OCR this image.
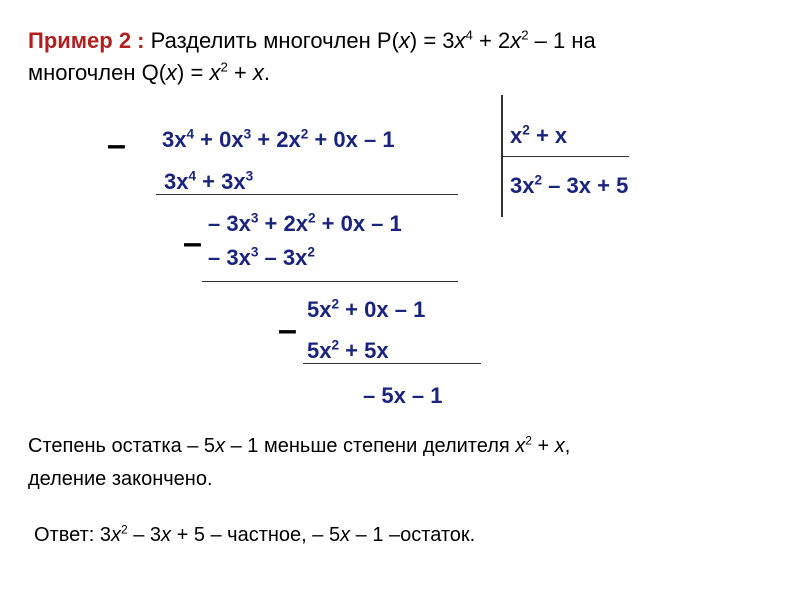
Пример 2 : Разделить многочлен $P(x) = 3x^4 + 2x^2 - 1$ на
многочлен $Q(x) = x^2 + x$.
– $3x^4 + 0x^3 + 2x^2 + 0x - 1$
$3x^4 + 3x^3$
–
– $3x^3 + 2x^2 + 0x - 1$
– $3x^3 - 3x^2$
–
$5x^2 + 0x - 1$
$5x^2 + 5x$
– 5x – 1
$x^2 + x$
$3x^2 - 3x + 5$
Степень остатка – 5x – 1 меньше степени делителя $x^2 + x$,
деление закончено.
Ответ: $3x^2 - 3x + 5$ – частное, – 5x – 1 –остаток.
